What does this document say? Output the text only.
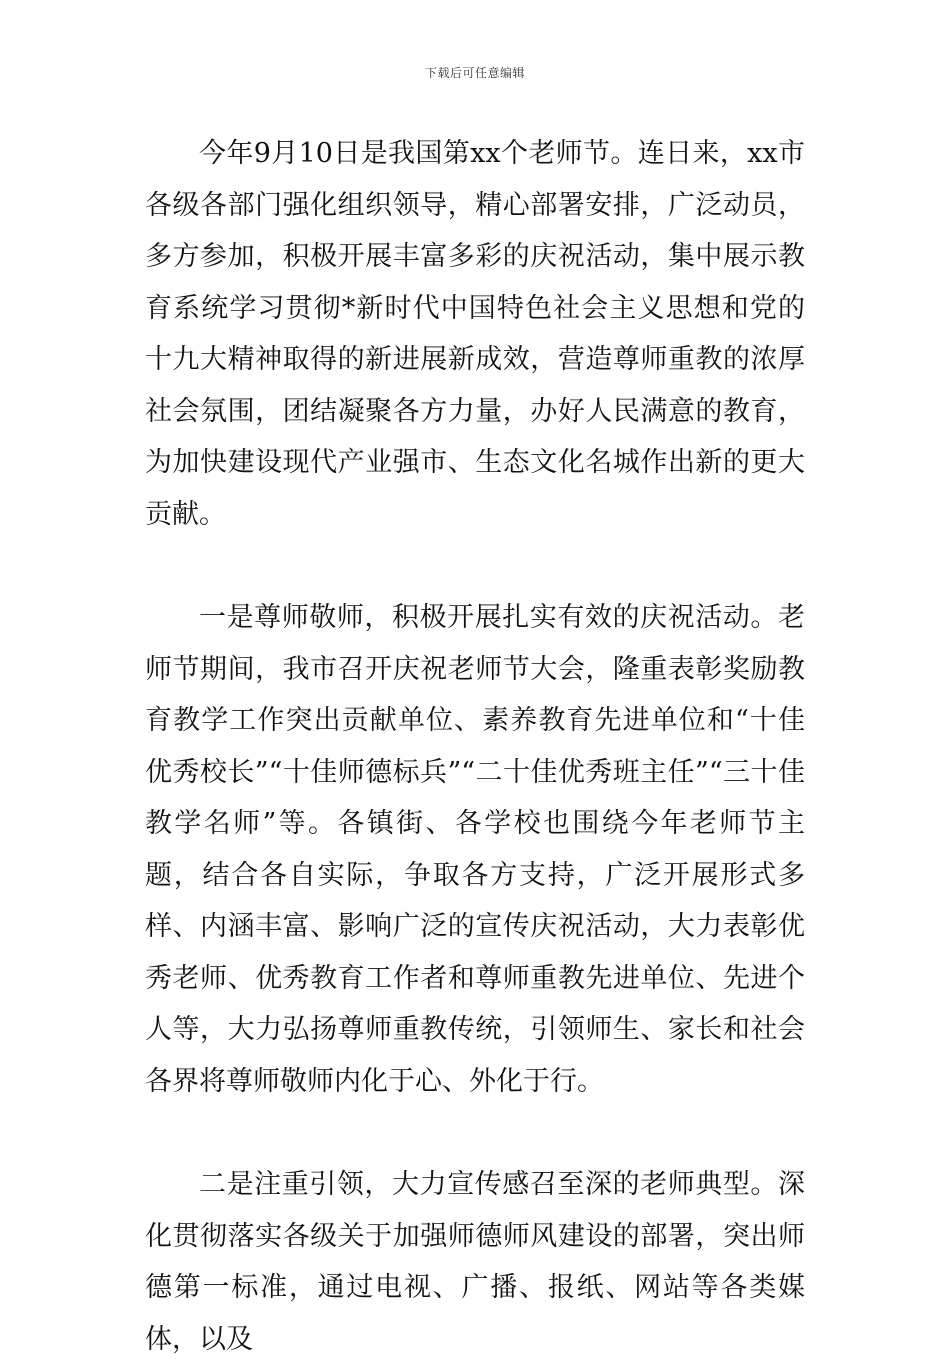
下载后可任意编辑

今年9月10日是我国第xx个老师节。连日来，xx市各级各部门强化组织领导，精心部署安排，广泛动员，多方参加，积极开展丰富多彩的庆祝活动，集中展示教育系统学习贯彻*新时代中国特色社会主义思想和党的十九大精神取得的新进展新成效，营造尊师重教的浓厚社会氛围，团结凝聚各方力量，办好人民满意的教育，为加快建设现代产业强市、生态文化名城作出新的更大贡献。

一是尊师敬师，积极开展扎实有效的庆祝活动。老师节期间，我市召开庆祝老师节大会，隆重表彰奖励教育教学工作突出贡献单位、素养教育先进单位和“十佳优秀校长”“十佳师德标兵”“二十佳优秀班主任”“三十佳教学名师”等。各镇街、各学校也围绕今年老师节主题，结合各自实际，争取各方支持，广泛开展形式多样、内涵丰富、影响广泛的宣传庆祝活动，大力表彰优秀老师、优秀教育工作者和尊师重教先进单位、先进个人等，大力弘扬尊师重教传统，引领师生、家长和社会各界将尊师敬师内化于心、外化于行。

二是注重引领，大力宣传感召至深的老师典型。深化贯彻落实各级关于加强师德师风建设的部署，突出师德第一标准，通过电视、广播、报纸、网站等各类媒体，以及
